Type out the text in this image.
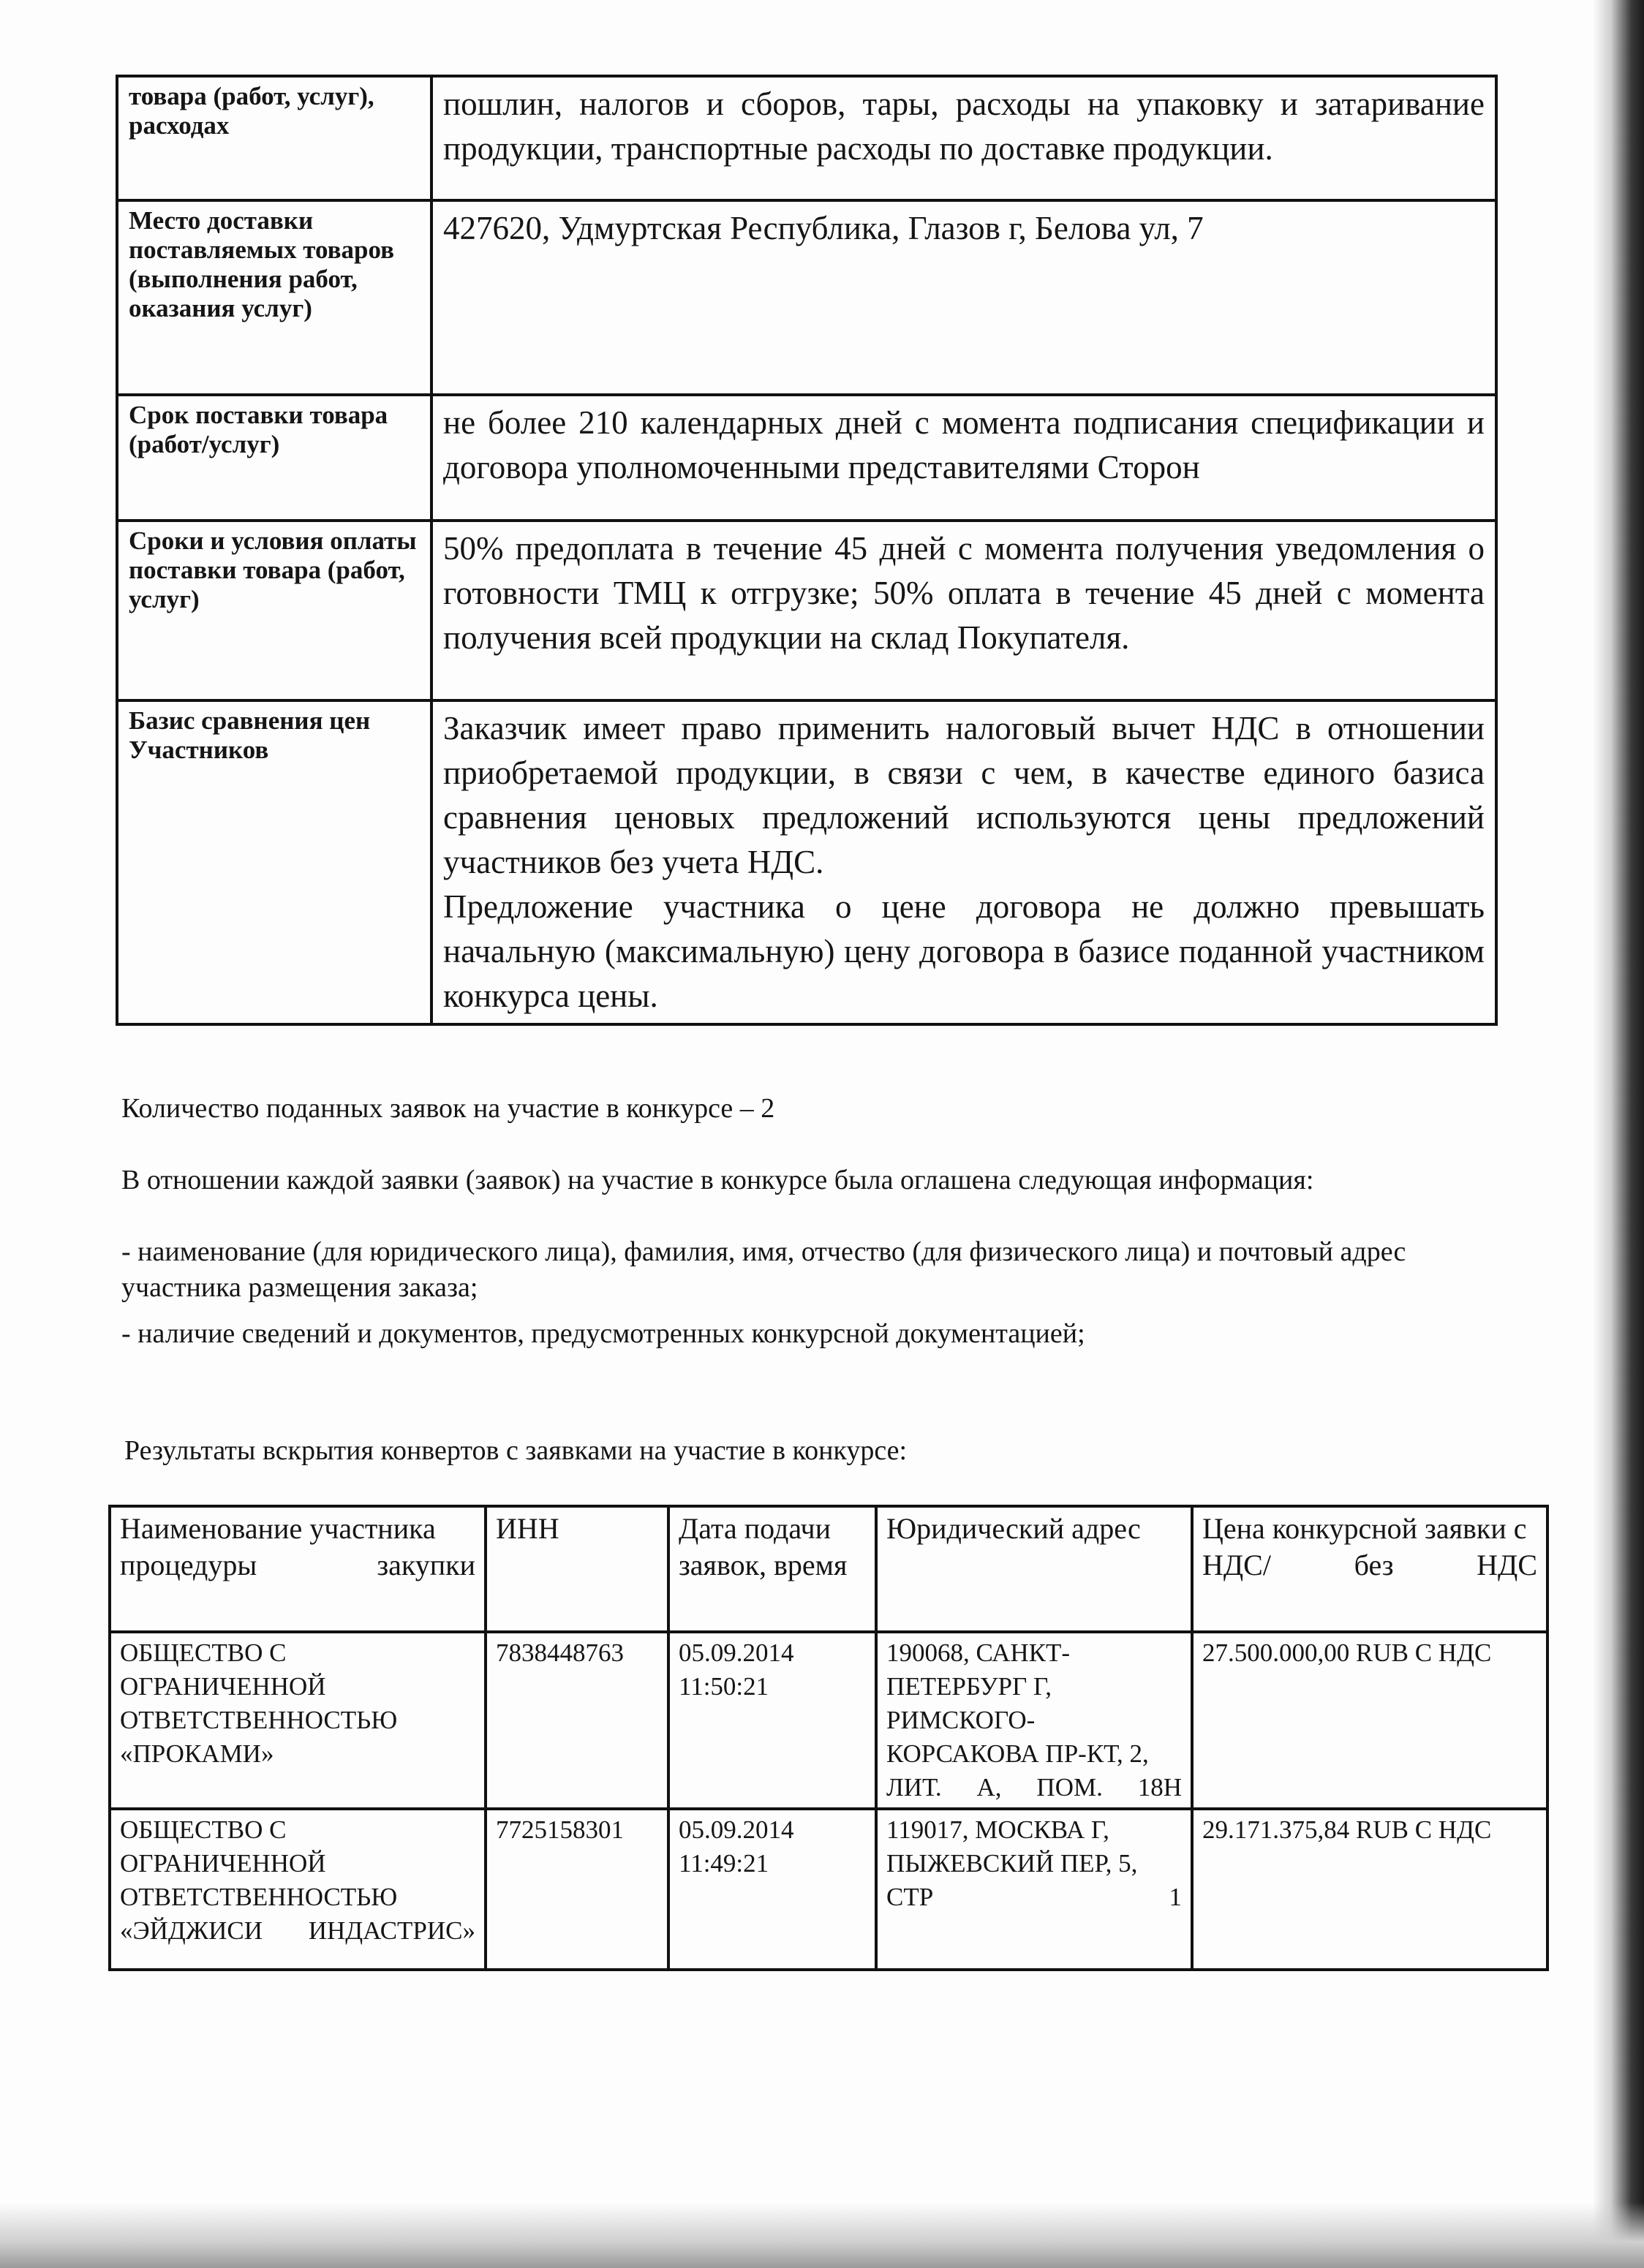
товара (работ, услуг), расходах	пошлин, налогов и сборов, тары, расходы на упаковку и затаривание продукции, транспортные расходы по доставке продукции.
Место доставки поставляемых товаров (выполнения работ, оказания услуг)	427620, Удмуртская Республика, Глазов г, Белова ул, 7
Срок поставки товара (работ/услуг)	не более 210 календарных дней с момента подписания спецификации и договора уполномоченными представителями Сторон
Сроки и условия оплаты поставки товара (работ, услуг)	50% предоплата в течение 45 дней с момента получения уведомления о готовности ТМЦ к отгрузке; 50% оплата в течение 45 дней с момента получения всей продукции на склад Покупателя.
Базис сравнения цен Участников	Заказчик имеет право применить налоговый вычет НДС в отношении приобретаемой продукции, в связи с чем, в качестве единого базиса сравнения ценовых предложений используются цены предложений участников без учета НДС.
Предложение участника о цене договора не должно превышать начальную (максимальную) цену договора в базисе поданной участником конкурса цены.
Количество поданных заявок на участие в конкурсе – 2
В отношении каждой заявки (заявок) на участие в конкурсе была оглашена следующая информация:
- наименование (для юридического лица), фамилия, имя, отчество (для физического лица) и почтовый адрес участника размещения заказа;
- наличие сведений и документов, предусмотренных конкурсной документацией;
Результаты вскрытия конвертов с заявками на участие в конкурсе:
Наименование участника процедуры закупки	ИНН	Дата подачи заявок, время	Юридический адрес	Цена конкурсной заявки с НДС/ без НДС
ОБЩЕСТВО С ОГРАНИЧЕННОЙ ОТВЕТСТВЕННОСТЬЮ «ПРОКАМИ»	7838448763	05.09.2014 11:50:21	190068, САНКТ-ПЕТЕРБУРГ Г, РИМСКОГО-КОРСАКОВА ПР-КТ, 2, ЛИТ. А, ПОМ. 18Н	27.500.000,00 RUB С НДС
ОБЩЕСТВО С ОГРАНИЧЕННОЙ ОТВЕТСТВЕННОСТЬЮ «ЭЙДЖИСИ ИНДАСТРИС»	7725158301	05.09.2014 11:49:21	119017, МОСКВА Г, ПЫЖЕВСКИЙ ПЕР, 5, СТР 1	29.171.375,84 RUB С НДС
